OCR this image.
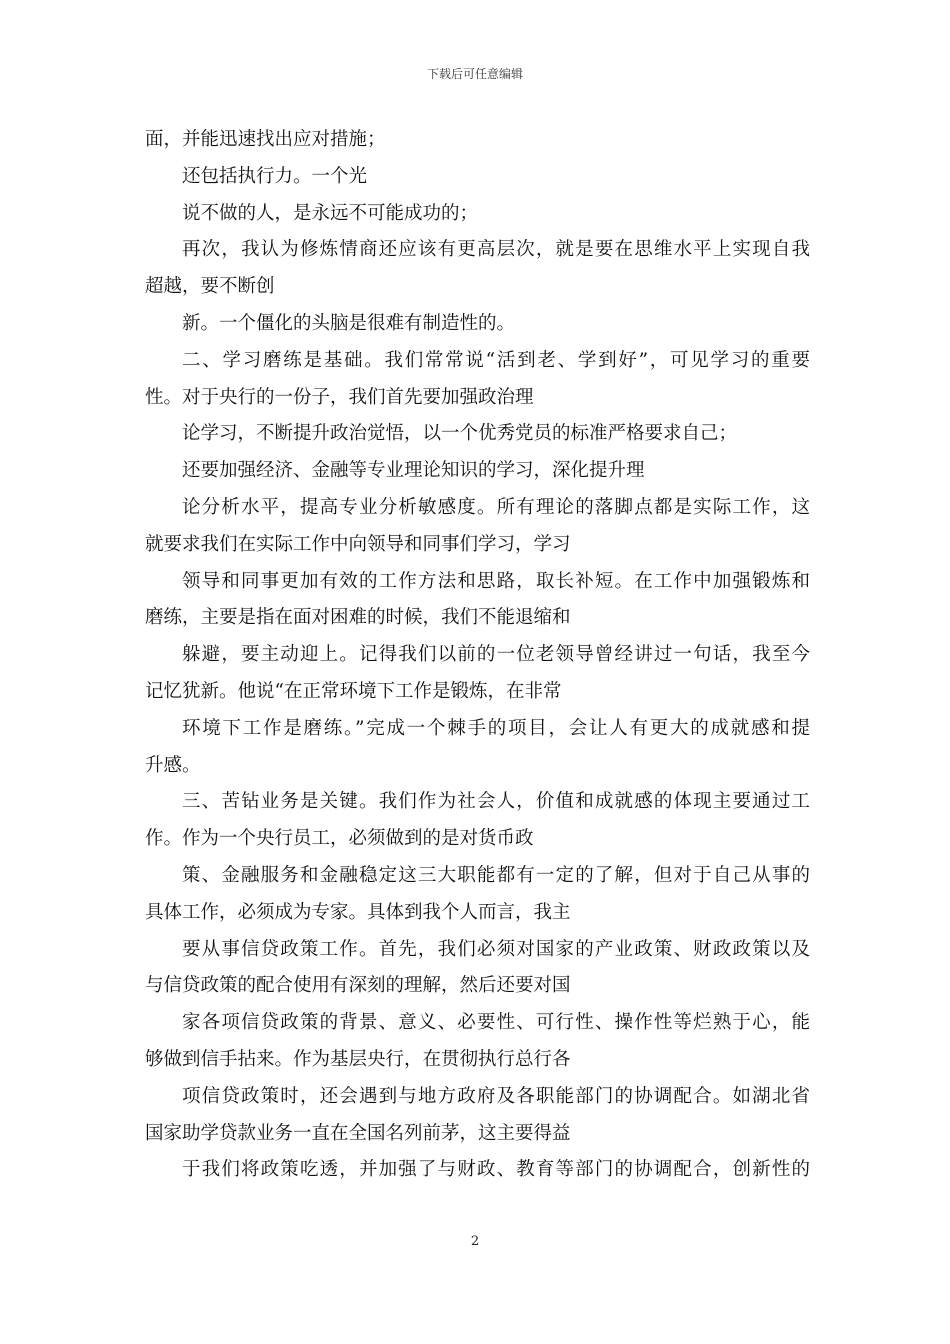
下载后可任意编辑
面，并能迅速找出应对措施；
还包括执行力。一个光
说不做的人，是永远不可能成功的；
再次，我认为修炼情商还应该有更高层次，就是要在思维水平上实现自我
超越，要不断创
新。一个僵化的头脑是很难有制造性的。
二、学习磨练是基础。我们常常说“活到老、学到好”，可见学习的重要
性。对于央行的一份子，我们首先要加强政治理
论学习，不断提升政治觉悟，以一个优秀党员的标准严格要求自己；
还要加强经济、金融等专业理论知识的学习，深化提升理
论分析水平，提高专业分析敏感度。所有理论的落脚点都是实际工作，这
就要求我们在实际工作中向领导和同事们学习，学习
领导和同事更加有效的工作方法和思路，取长补短。在工作中加强锻炼和
磨练，主要是指在面对困难的时候，我们不能退缩和
躲避，要主动迎上。记得我们以前的一位老领导曾经讲过一句话，我至今
记忆犹新。他说“在正常环境下工作是锻炼，在非常
环境下工作是磨练。”完成一个棘手的项目，会让人有更大的成就感和提
升感。
三、苦钻业务是关键。我们作为社会人，价值和成就感的体现主要通过工
作。作为一个央行员工，必须做到的是对货币政
策、金融服务和金融稳定这三大职能都有一定的了解，但对于自己从事的
具体工作，必须成为专家。具体到我个人而言，我主
要从事信贷政策工作。首先，我们必须对国家的产业政策、财政政策以及
与信贷政策的配合使用有深刻的理解，然后还要对国
家各项信贷政策的背景、意义、必要性、可行性、操作性等烂熟于心，能
够做到信手拈来。作为基层央行，在贯彻执行总行各
项信贷政策时，还会遇到与地方政府及各职能部门的协调配合。如湖北省
国家助学贷款业务一直在全国名列前茅，这主要得益
于我们将政策吃透，并加强了与财政、教育等部门的协调配合，创新性的
2
